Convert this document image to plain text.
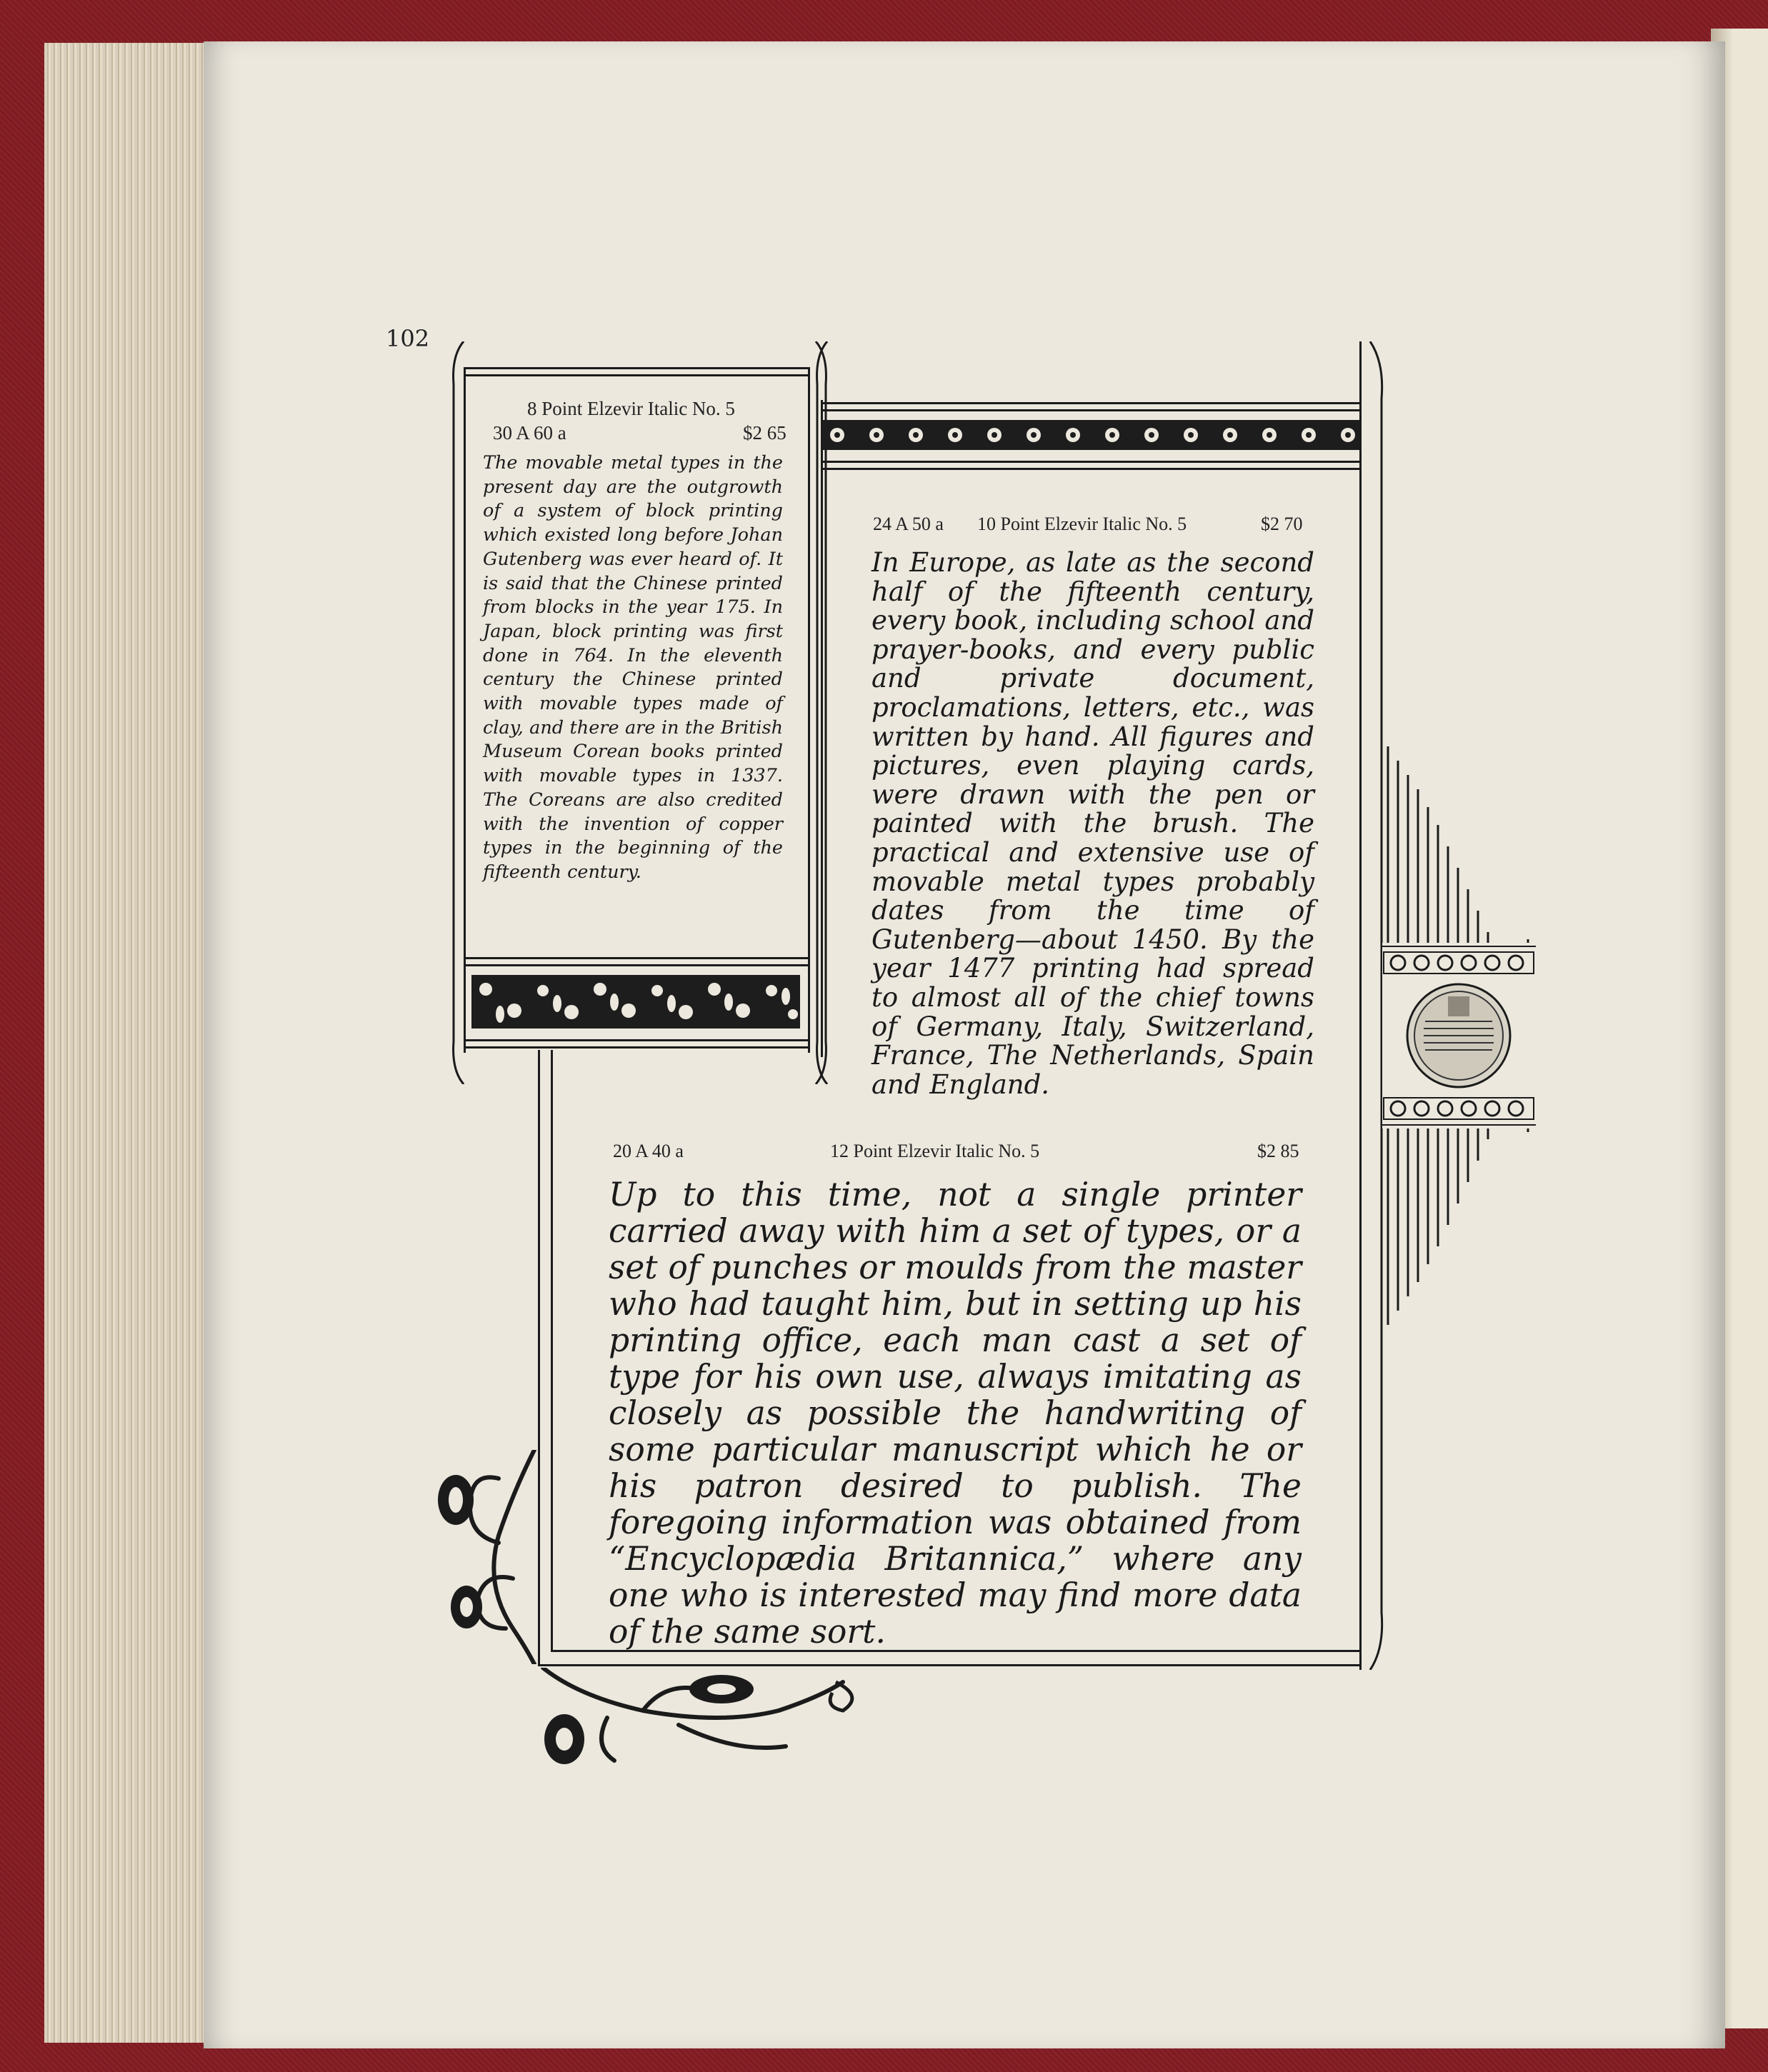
102
8 Point Elzevir Italic No. 5
30 A 60 a	$2 65
The movable metal types in the present day are the outgrowth of a system of block printing which existed long before Johan Gutenberg was ever heard of. It is said that the Chinese printed from blocks in the year 175. In Japan, block printing was first done in 764. In the eleventh century the Chinese printed with movable types made of clay, and there are in the British Museum Corean books printed with movable types in 1337. The Coreans are also credited with the invention of copper types in the beginning of the fifteenth century.
24 A 50 a 10 Point Elzevir Italic No. 5	$2 70
In Europe, as late as the second half of the fifteenth century, every book, including school and prayer-books, and every public and private document, proclamations, letters, etc., was written by hand. All figures and pictures, even playing cards, were drawn with the pen or painted with the brush. The practical and extensive use of movable metal types probably dates from the time of Gutenberg—about 1450. By the year 1477 printing had spread to almost all of the chief towns of Germany, Italy, Switzerland, France, The Netherlands, Spain and England.
20 A 40 a	12 Point Elzevir Italic No. 5	$2 85
Up to this time, not a single printer carried away with him a set of types, or a set of punches or moulds from the master who had taught him, but in setting up his printing office, each man cast a set of type for his own use, always imitating as closely as possible the handwriting of some particular manuscript which he or his patron desired to publish. The foregoing information was obtained from “Encyclopædia Britannica,” where any one who is interested may find more data of the same sort.
